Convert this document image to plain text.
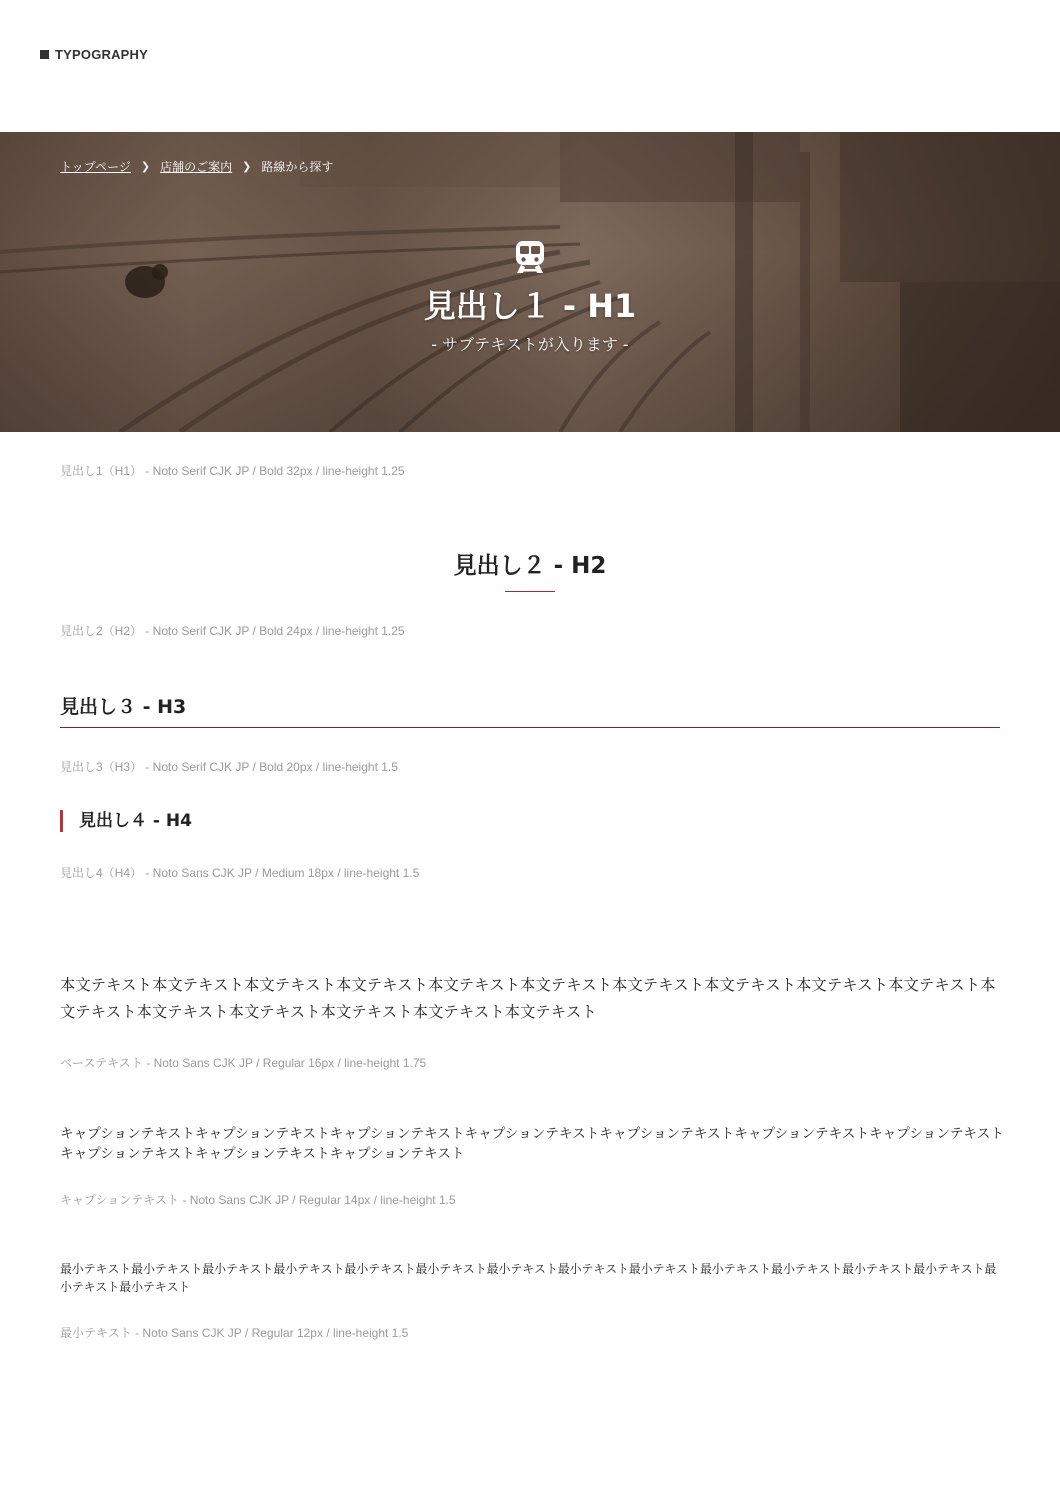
TYPOGRAPHY
トップページ ❯ 店舗のご案内 ❯ 路線から探す
見出し１ - H1
- サブテキストが入ります -
見出し1（H1） - Noto Serif CJK JP / Bold 32px / line-height 1.25
見出し２ - H2
見出し2（H2） - Noto Serif CJK JP / Bold 24px / line-height 1.25
見出し３ - H3
見出し3（H3） - Noto Serif CJK JP / Bold 20px / line-height 1.5
見出し４ - H4
見出し4（H4） - Noto Sans CJK JP / Medium 18px / line-height 1.5

本文テキスト本文テキスト本文テキスト本文テキスト本文テキスト本文テキスト本文テキスト本文テキスト本文テキスト本文テキスト本文テキスト本文テキスト本文テキスト本文テキスト本文テキスト本文テキスト

ベーステキスト - Noto Sans CJK JP / Regular 16px / line-height 1.75

キャプションテキストキャプションテキストキャプションテキストキャプションテキストキャプションテキストキャプションテキストキャプションテキストキャプションテキストキャプションテキストキャプションテキスト

キャプションテキスト - Noto Sans CJK JP / Regular 14px / line-height 1.5

最小テキスト最小テキスト最小テキスト最小テキスト最小テキスト最小テキスト最小テキスト最小テキスト最小テキスト最小テキスト最小テキスト最小テキスト最小テキスト最小テキスト最小テキスト

最小テキスト - Noto Sans CJK JP / Regular 12px / line-height 1.5
